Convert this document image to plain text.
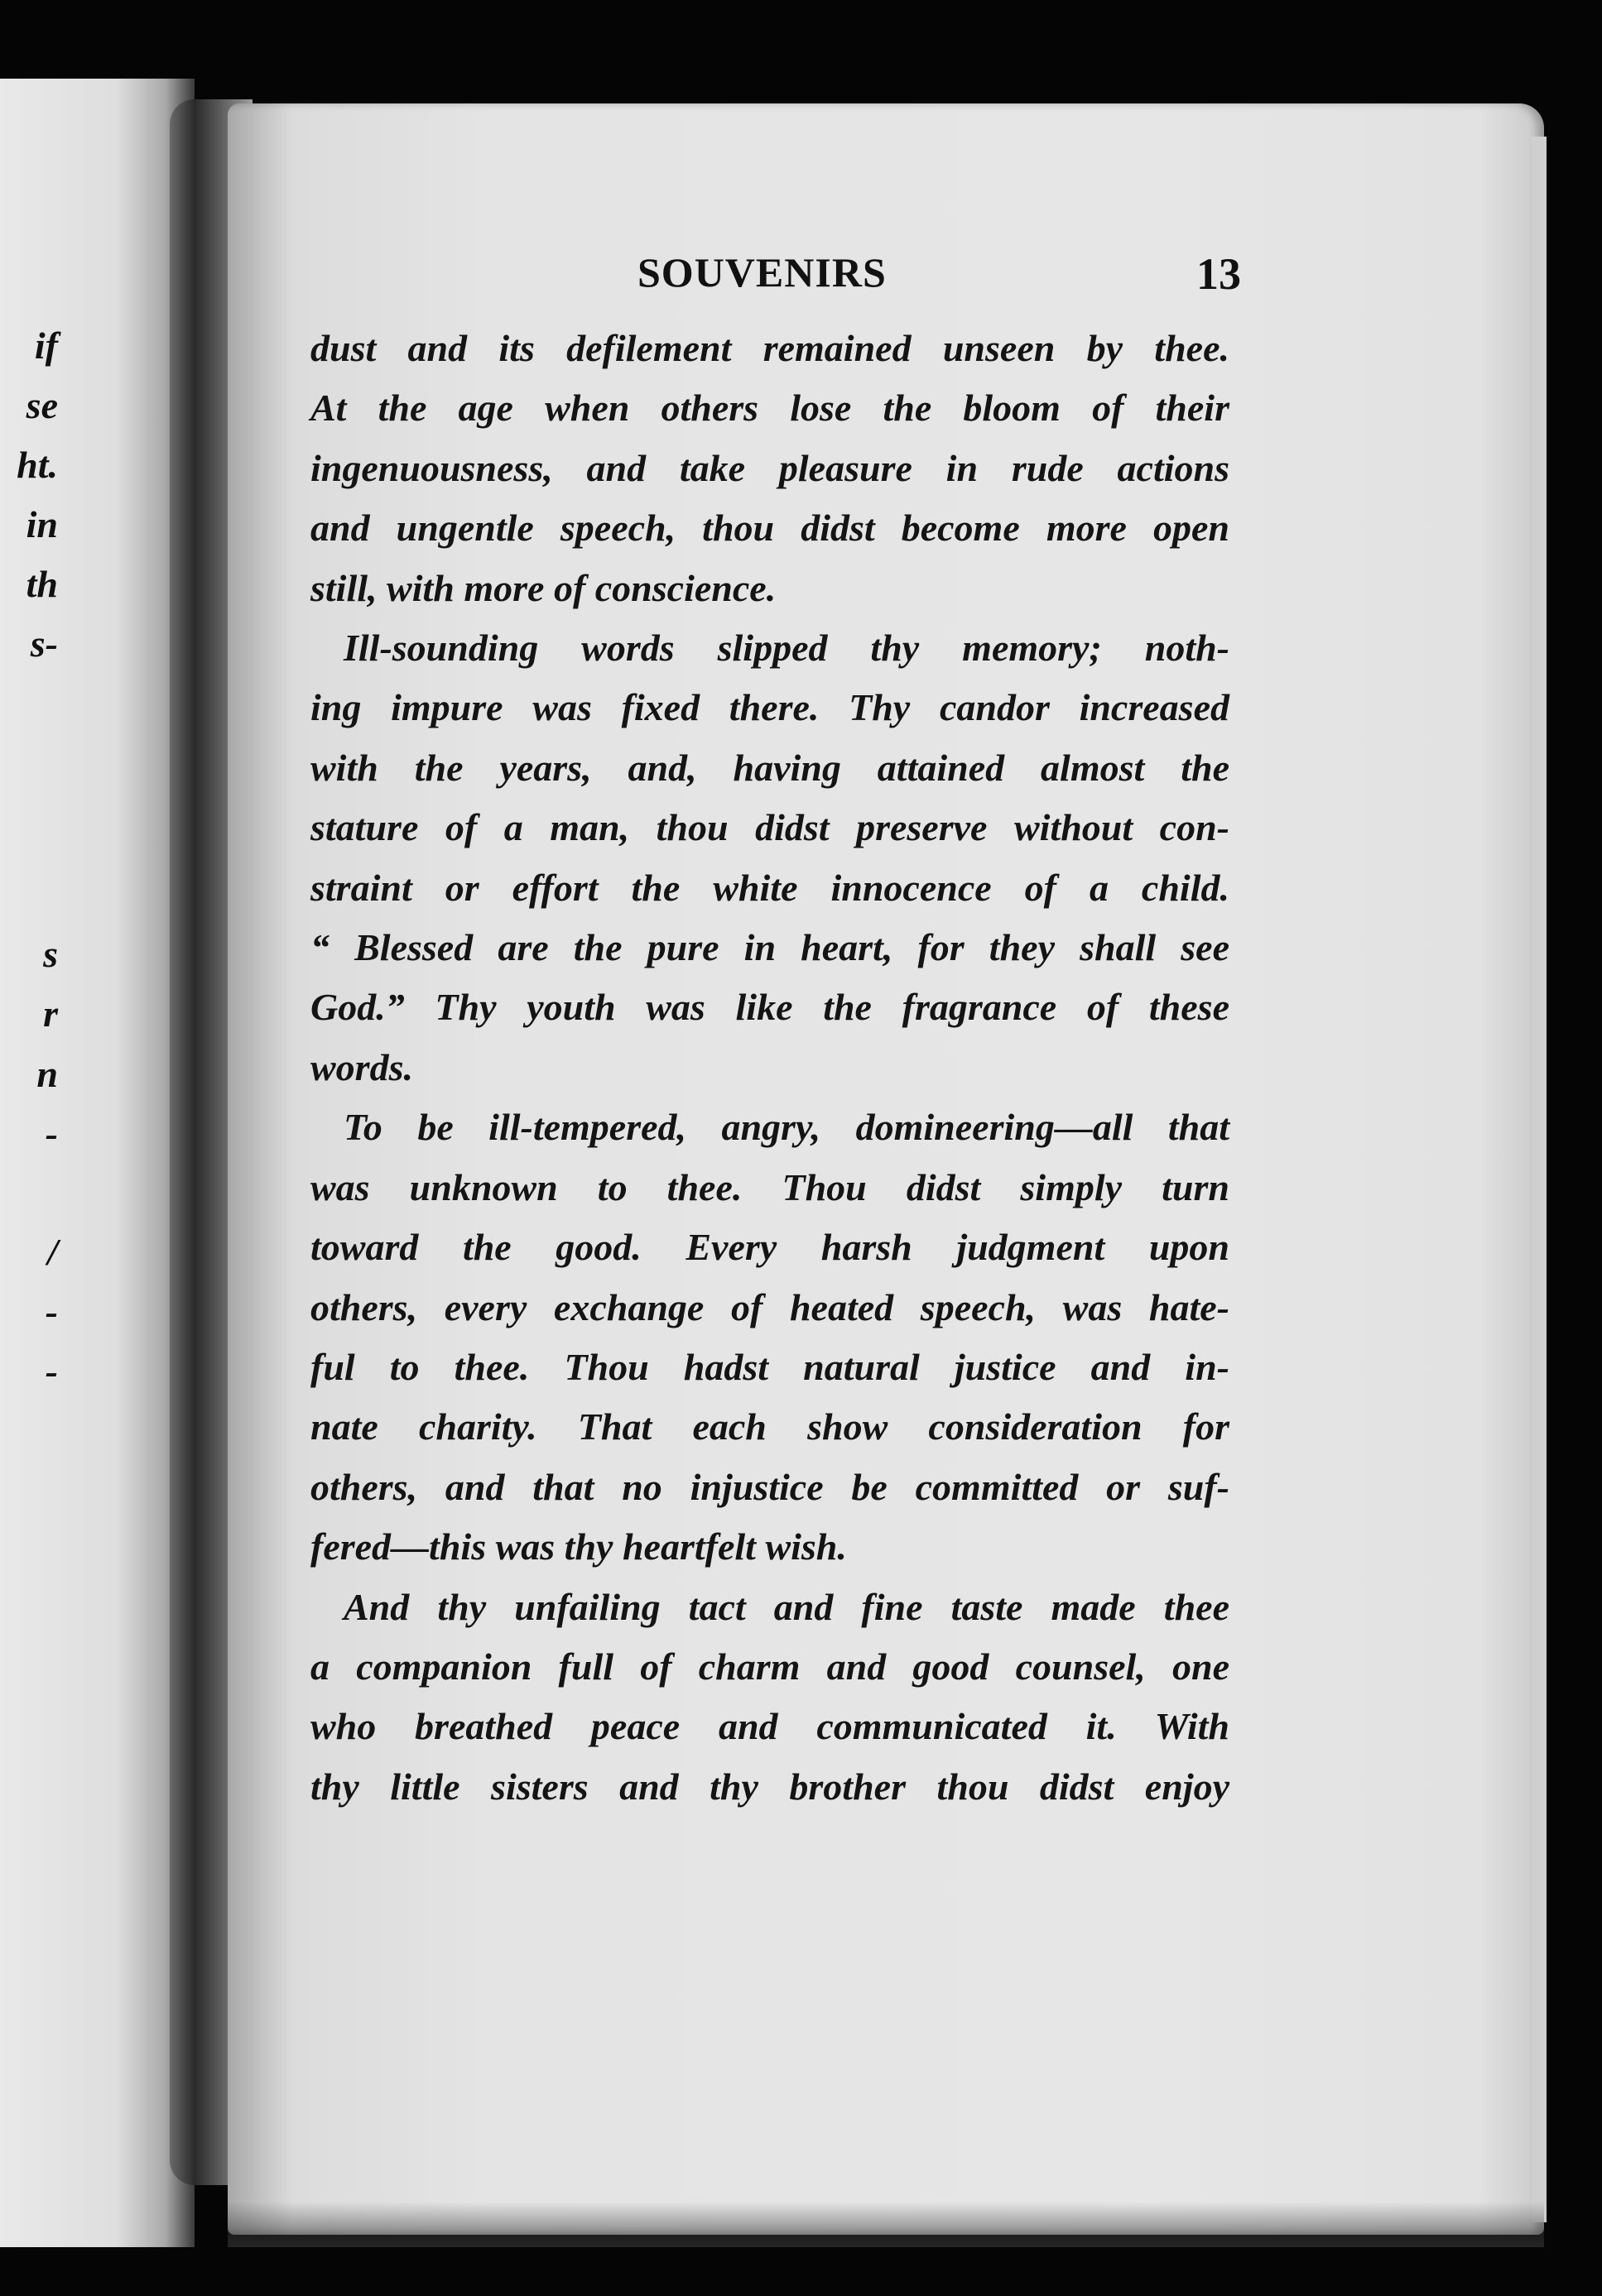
if
se
ht.
in
th
s-
s
r
n
-
/
-
-
SOUVENIRS	13
dust and its defilement remained unseen by thee.
At the age when others lose the bloom of their
ingenuousness, and take pleasure in rude actions
and ungentle speech, thou didst become more open
still, with more of conscience.
Ill-sounding words slipped thy memory; noth-
ing impure was fixed there. Thy candor increased
with the years, and, having attained almost the
stature of a man, thou didst preserve without con-
straint or effort the white innocence of a child.
“ Blessed are the pure in heart, for they shall see
God.” Thy youth was like the fragrance of these
words.
To be ill-tempered, angry, domineering—all that
was unknown to thee. Thou didst simply turn
toward the good. Every harsh judgment upon
others, every exchange of heated speech, was hate-
ful to thee. Thou hadst natural justice and in-
nate charity. That each show consideration for
others, and that no injustice be committed or suf-
fered—this was thy heartfelt wish.
And thy unfailing tact and fine taste made thee
a companion full of charm and good counsel, one
who breathed peace and communicated it. With
thy little sisters and thy brother thou didst enjoy
